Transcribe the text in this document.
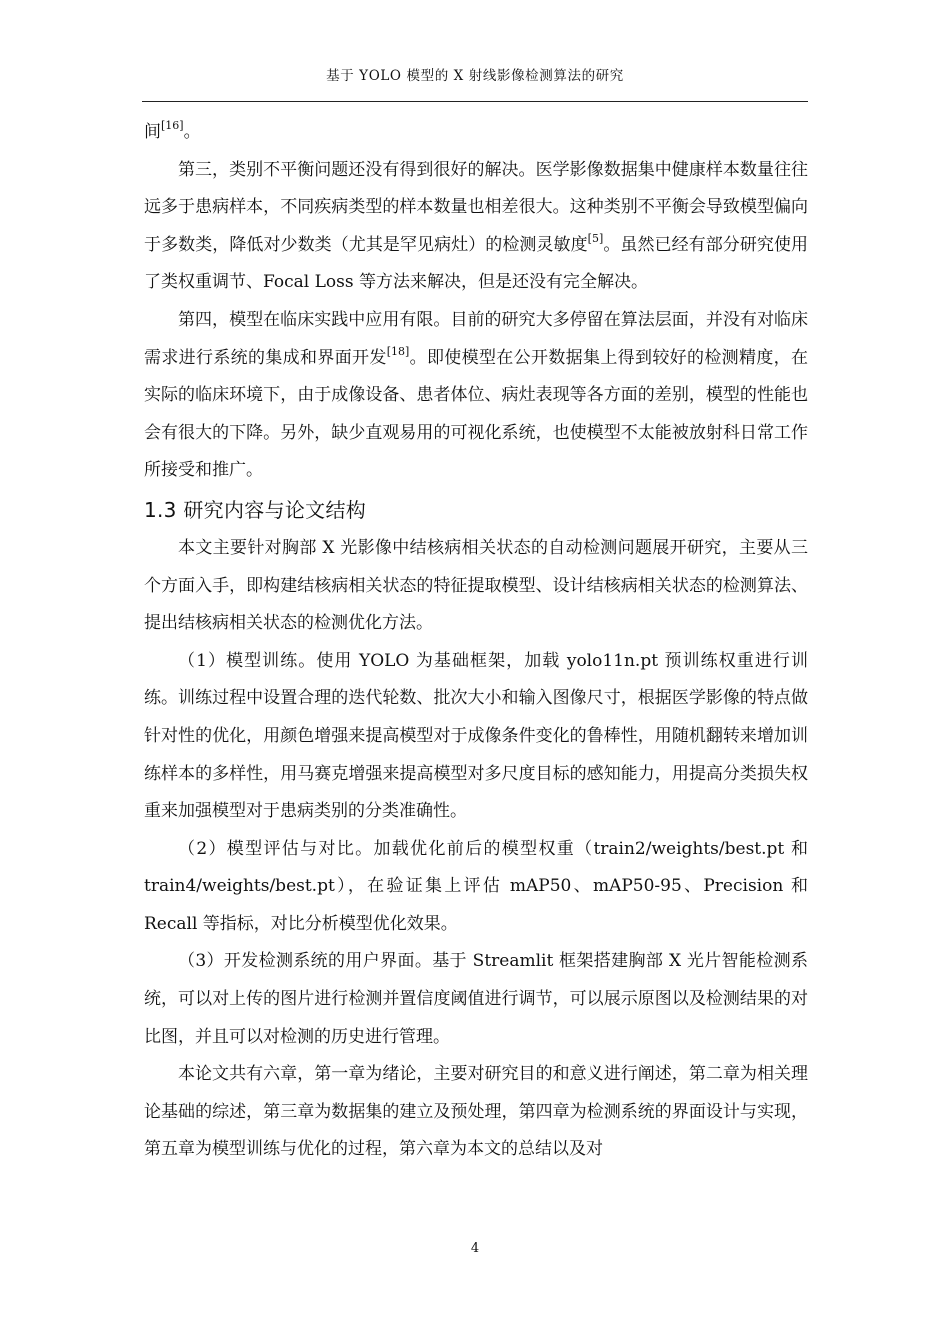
基于 YOLO 模型的 X 射线影像检测算法的研究

间[16]。

第三，类别不平衡问题还没有得到很好的解决。医学影像数据集中健康样本数量往往远多于患病样本，不同疾病类型的样本数量也相差很大。这种类别不平衡会导致模型偏向于多数类，降低对少数类（尤其是罕见病灶）的检测灵敏度[5]。虽然已经有部分研究使用了类权重调节、Focal Loss 等方法来解决，但是还没有完全解决。

第四，模型在临床实践中应用有限。目前的研究大多停留在算法层面，并没有对临床需求进行系统的集成和界面开发[18]。即使模型在公开数据集上得到较好的检测精度，在实际的临床环境下，由于成像设备、患者体位、病灶表现等各方面的差别，模型的性能也会有很大的下降。另外，缺少直观易用的可视化系统，也使模型不太能被放射科日常工作所接受和推广。

1.3 研究内容与论文结构

本文主要针对胸部 X 光影像中结核病相关状态的自动检测问题展开研究，主要从三个方面入手，即构建结核病相关状态的特征提取模型、设计结核病相关状态的检测算法、提出结核病相关状态的检测优化方法。

（1）模型训练。使用 YOLO 为基础框架，加载 yolo11n.pt 预训练权重进行训练。训练过程中设置合理的迭代轮数、批次大小和输入图像尺寸，根据医学影像的特点做针对性的优化，用颜色增强来提高模型对于成像条件变化的鲁棒性，用随机翻转来增加训练样本的多样性，用马赛克增强来提高模型对多尺度目标的感知能力，用提高分类损失权重来加强模型对于患病类别的分类准确性。

（2）模型评估与对比。加载优化前后的模型权重（train2/weights/best.pt 和 train4/weights/best.pt），在验证集上评估 mAP50、mAP50-95、Precision 和 Recall 等指标，对比分析模型优化效果。

（3）开发检测系统的用户界面。基于 Streamlit 框架搭建胸部 X 光片智能检测系统，可以对上传的图片进行检测并置信度阈值进行调节，可以展示原图以及检测结果的对比图，并且可以对检测的历史进行管理。

本论文共有六章，第一章为绪论，主要对研究目的和意义进行阐述，第二章为相关理论基础的综述，第三章为数据集的建立及预处理，第四章为检测系统的界面设计与实现，第五章为模型训练与优化的过程，第六章为本文的总结以及对

4
